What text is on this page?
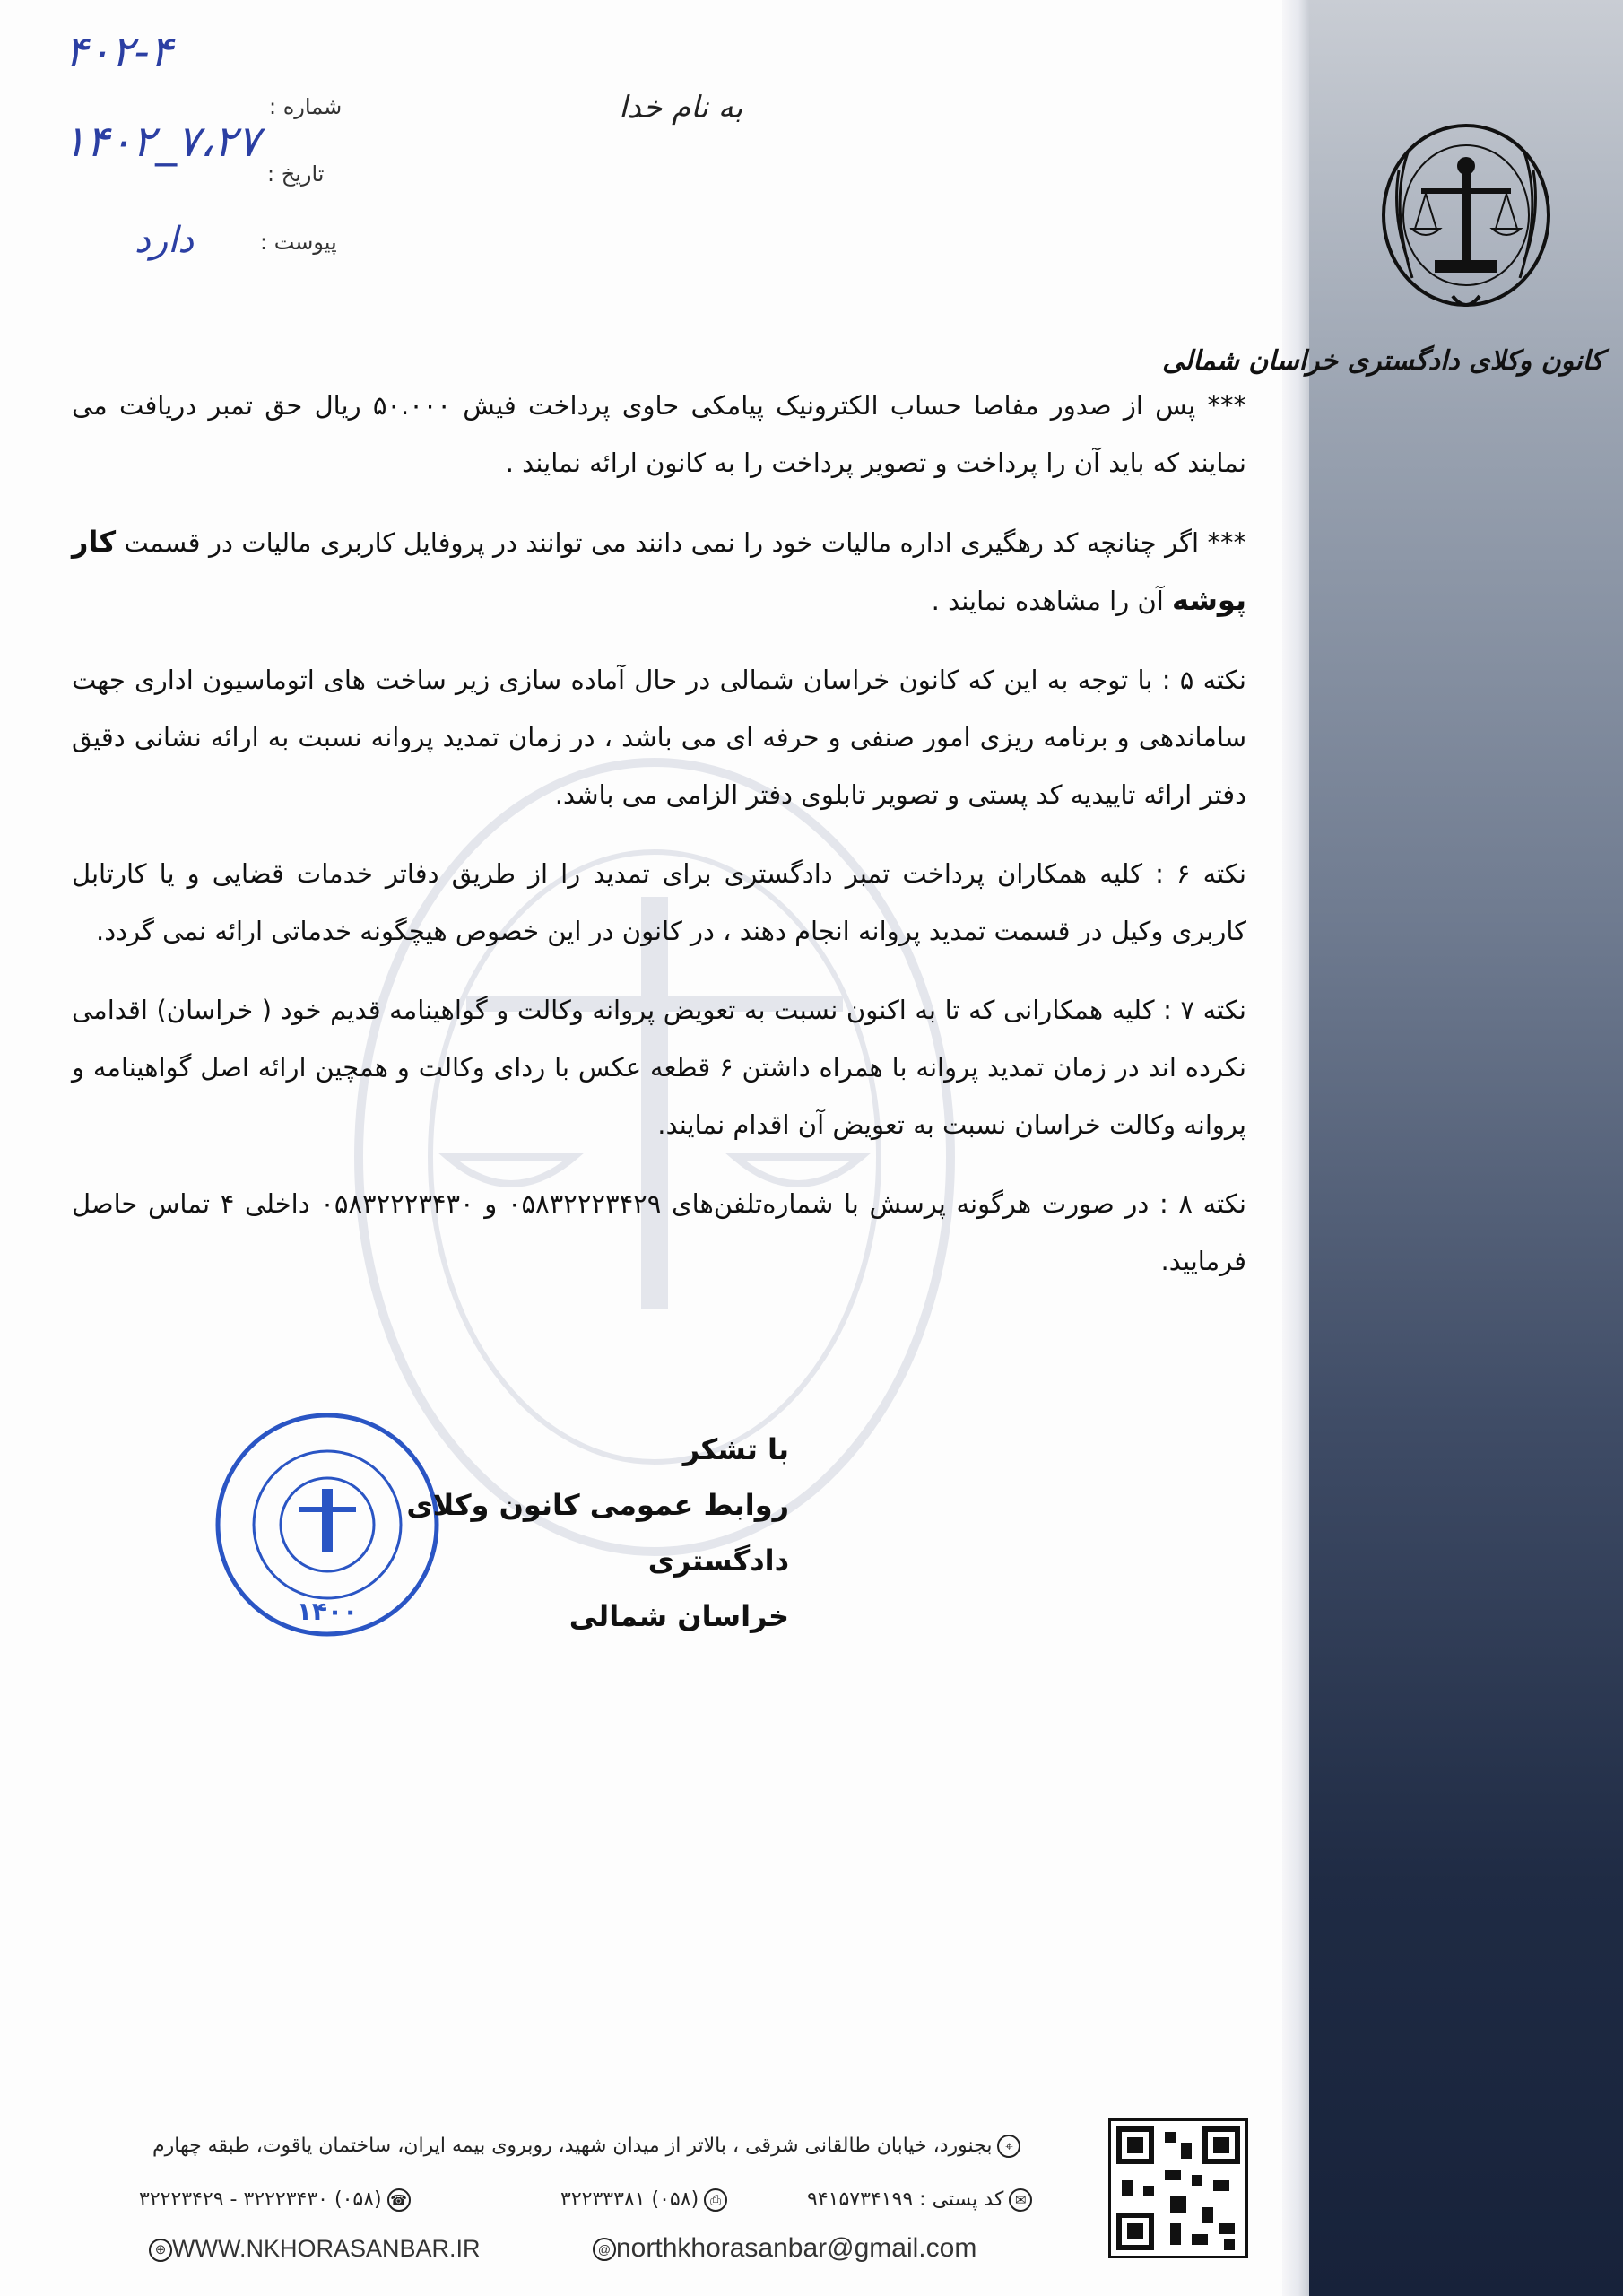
کانون وکلای دادگستری خراسان شمالی
شماره :
تاریخ :
پیوست :
۴۰۲-۴
۱۴۰۲_۷،۲۷
دارد
به نام خدا

*** پس از صدور مفاصا حساب الکترونیک پیامکی حاوی پرداخت فیش ۵۰.۰۰۰ ریال حق تمبر دریافت می نمایند که باید آن را پرداخت و تصویر پرداخت را به کانون ارائه نمایند .

*** اگر چنانچه کد رهگیری اداره مالیات خود را نمی دانند می توانند در پروفایل کاربری مالیات در قسمت کار پوشه آن را مشاهده نمایند .

نکته ۵ : با توجه به این که کانون خراسان شمالی در حال آماده سازی زیر ساخت های اتوماسیون اداری جهت ساماندهی و برنامه ریزی امور صنفی و حرفه ای می باشد ، در زمان تمدید پروانه نسبت به ارائه نشانی دقیق دفتر ارائه تاییدیه کد پستی و تصویر تابلوی دفتر الزامی می باشد.

نکته ۶ : کلیه همکاران پرداخت تمبر دادگستری برای تمدید را از طریق دفاتر خدمات قضایی و یا کارتابل کاربری وکیل در قسمت تمدید پروانه انجام دهند ، در کانون در این خصوص هیچگونه خدماتی ارائه نمی گردد.

نکته ۷ : کلیه همکارانی که تا به اکنون نسبت به تعویض پروانه وکالت و گواهینامه قدیم خود ( خراسان) اقدامی نکرده اند در زمان تمدید پروانه با همراه داشتن ۶ قطعه عکس با ردای وکالت و همچین ارائه اصل گواهینامه و پروانه وکالت خراسان نسبت به تعویض آن اقدام نمایند.

نکته ۸ : در صورت هرگونه پرسش با شماره‌تلفن‌های ۰۵۸۳۲۲۲۳۴۲۹ و ۰۵۸۳۲۲۲۳۴۳۰ داخلی ۴ تماس حاصل فرمایید.

۱۴۰۰
با تشکر
روابط عمومی کانون وکلای دادگستری
خراسان شمالی
⌖بجنورد، خیابان طالقانی شرقی ، بالاتر از میدان شهید، روبروی بیمه ایران، ساختمان یاقوت، طبقه چهارم
✉کد پستی : ۹۴۱۵۷۳۴۱۹۹
⎙(۰۵۸) ۳۲۲۳۳۳۸۱
☎(۰۵۸) ۳۲۲۲۳۴۳۰ - ۳۲۲۲۳۴۲۹
@ northkhorasanbar@gmail.com
⊕ WWW.NKHORASANBAR.IR
